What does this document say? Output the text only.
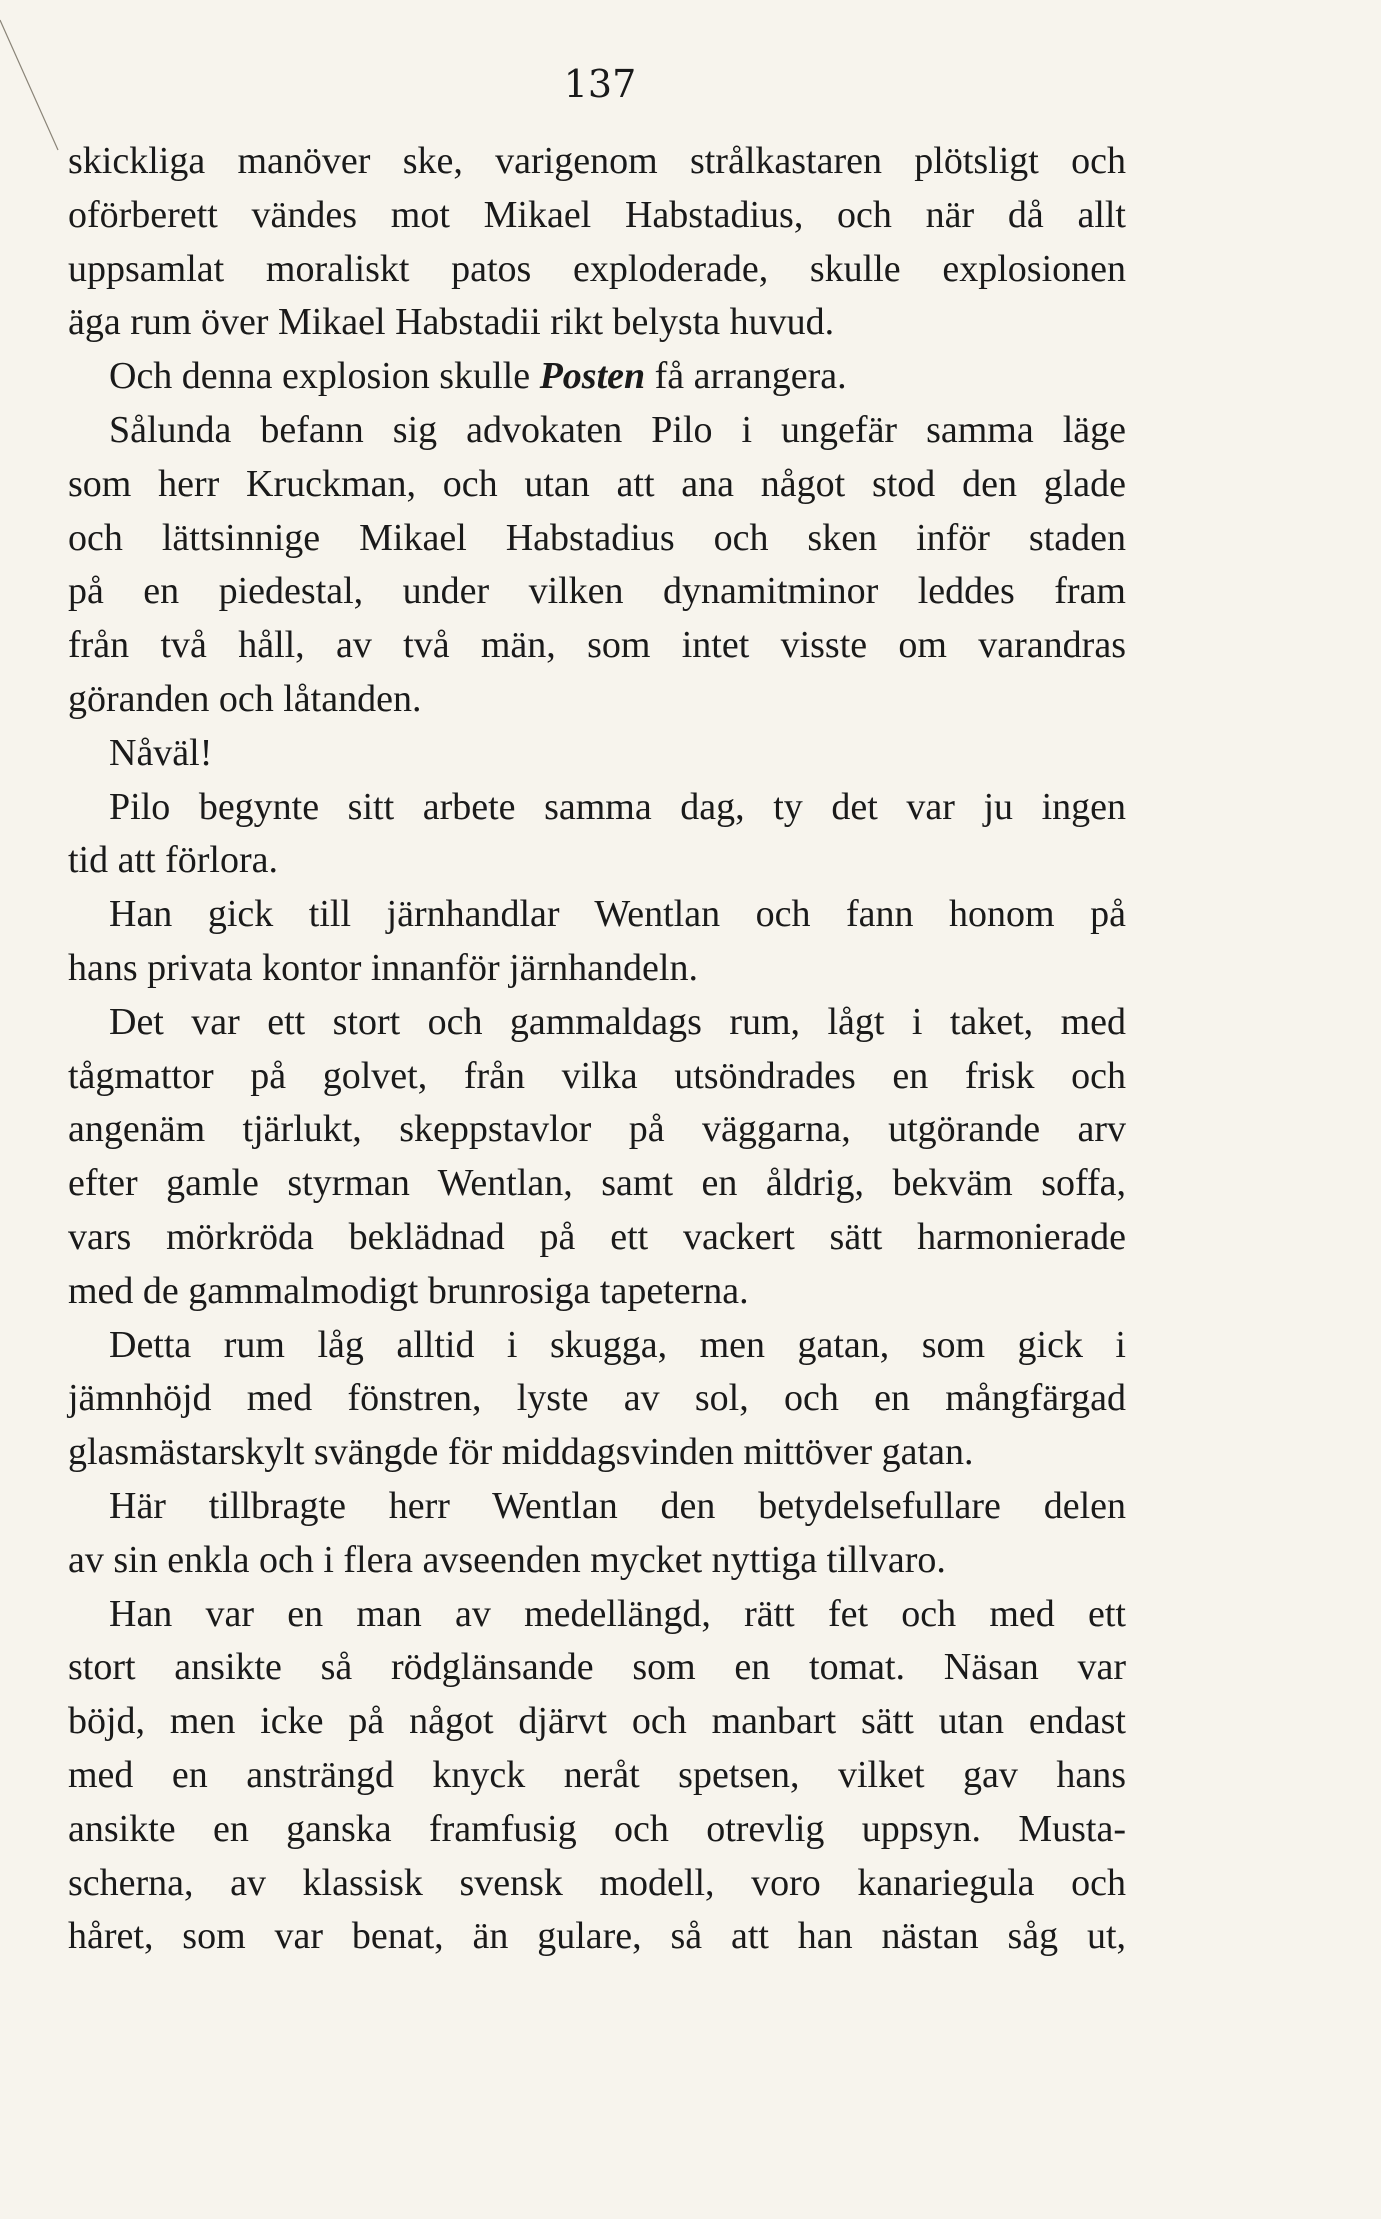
137
skickliga manöver ske, varigenom strålkastaren plötsligt och
oförberett vändes mot Mikael Habstadius, och när då allt
uppsamlat moraliskt patos exploderade, skulle explosionen
äga rum över Mikael Habstadii rikt belysta huvud.
Och denna explosion skulle Posten få arrangera.
Sålunda befann sig advokaten Pilo i ungefär samma läge
som herr Kruckman, och utan att ana något stod den glade
och lättsinnige Mikael Habstadius och sken inför staden
på en piedestal, under vilken dynamitminor leddes fram
från två håll, av två män, som intet visste om varandras
göranden och låtanden.
Nåväl!
Pilo begynte sitt arbete samma dag, ty det var ju ingen
tid att förlora.
Han gick till järnhandlar Wentlan och fann honom på
hans privata kontor innanför järnhandeln.
Det var ett stort och gammaldags rum, lågt i taket, med
tågmattor på golvet, från vilka utsöndrades en frisk och
angenäm tjärlukt, skeppstavlor på väggarna, utgörande arv
efter gamle styrman Wentlan, samt en åldrig, bekväm soffa,
vars mörkröda beklädnad på ett vackert sätt harmonierade
med de gammalmodigt brunrosiga tapeterna.
Detta rum låg alltid i skugga, men gatan, som gick i
jämnhöjd med fönstren, lyste av sol, och en mångfärgad
glasmästarskylt svängde för middagsvinden mittöver gatan.
Här tillbragte herr Wentlan den betydelsefullare delen
av sin enkla och i flera avseenden mycket nyttiga tillvaro.
Han var en man av medellängd, rätt fet och med ett
stort ansikte så rödglänsande som en tomat. Näsan var
böjd, men icke på något djärvt och manbart sätt utan endast
med en ansträngd knyck neråt spetsen, vilket gav hans
ansikte en ganska framfusig och otrevlig uppsyn. Musta-
scherna, av klassisk svensk modell, voro kanariegula och
håret, som var benat, än gulare, så att han nästan såg ut,
